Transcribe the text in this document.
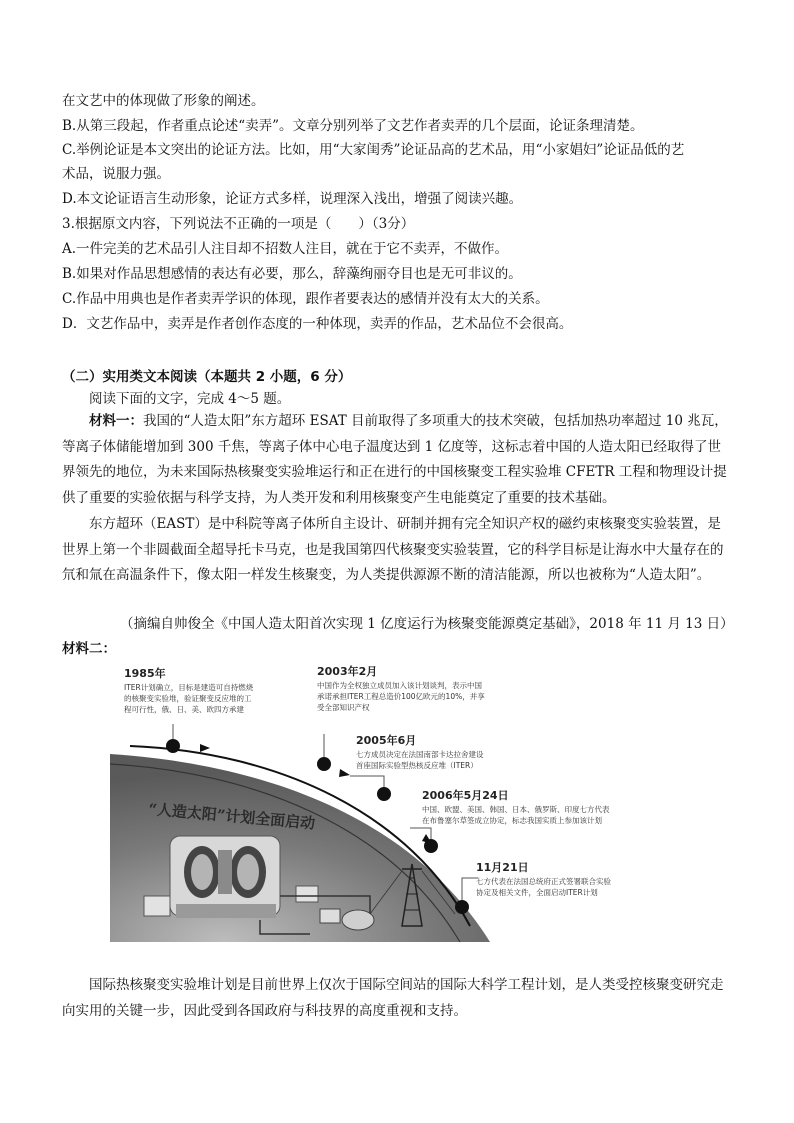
在文艺中的体现做了形象的阐述。
B.从第三段起，作者重点论述“卖弄”。文章分别列举了文艺作者卖弄的几个层面，论证条理清楚。
C.举例论证是本文突出的论证方法。比如，用“大家闺秀”论证品高的艺术品，用“小家娼妇”论证品低的艺
术品，说服力强。
D.本文论证语言生动形象，论证方式多样，说理深入浅出，增强了阅读兴趣。
3.根据原文内容，下列说法不正确的一项是（　　）（3分）
A.一件完美的艺术品引人注目却不招数人注目，就在于它不卖弄，不做作。
B.如果对作品思想感情的表达有必要，那么，辞藻绚丽夺目也是无可非议的。
C.作品中用典也是作者卖弄学识的体现，跟作者要表达的感情并没有太大的关系。
D．文艺作品中，卖弄是作者创作态度的一种体现，卖弄的作品，艺术品位不会很高。
（二）实用类文本阅读（本题共 2 小题，6 分）
阅读下面的文字，完成 4～5 题。
材料一：我国的“人造太阳”东方超环 ESAT 目前取得了多项重大的技术突破，包括加热功率超过 10 兆瓦，等离子体储能增加到 300 千焦，等离子体中心电子温度达到 1 亿度等，这标志着中国的人造太阳已经取得了世界领先的地位，为未来国际热核聚变实验堆运行和正在进行的中国核聚变工程实验堆 CFETR 工程和物理设计提供了重要的实验依据与科学支持，为人类开发和利用核聚变产生电能奠定了重要的技术基础。
东方超环（EAST）是中科院等离子体所自主设计、研制并拥有完全知识产权的磁约束核聚变实验装置，是世界上第一个非圆截面全超导托卡马克，也是我国第四代核聚变实验装置，它的科学目标是让海水中大量存在的氘和氚在高温条件下，像太阳一样发生核聚变，为人类提供源源不断的清洁能源，所以也被称为“人造太阳”。
（摘编自帅俊全《中国人造太阳首次实现 1 亿度运行为核聚变能源奠定基础》，2018 年 11 月 13 日）
材料二：
1985年
ITER计划确立，目标是建造可自持燃烧
的核聚变实验堆，验证聚变反应堆的工
程可行性，俄、日、美、欧四方承建
2003年2月
中国作为全权独立成员加入该计划谈判，表示中国
承诺承担ITER工程总造价100亿欧元的10%，并享
受全部知识产权
2005年6月
七方成员决定在法国南部卡达拉舍建设
首座国际实验型热核反应堆（ITER）
2006年5月24日
中国、欧盟、美国、韩国、日本、俄罗斯、印度七方代表
在布鲁塞尔草签成立协定，标志我国实质上参加该计划
11月21日
七方代表在法国总统府正式签署联合实验
协定及相关文件，全面启动ITER计划
“人造太阳”计划全面启动
国际热核聚变实验堆计划是目前世界上仅次于国际空间站的国际大科学工程计划，是人类受控核聚变研究走向实用的关键一步，因此受到各国政府与科技界的高度重视和支持。
